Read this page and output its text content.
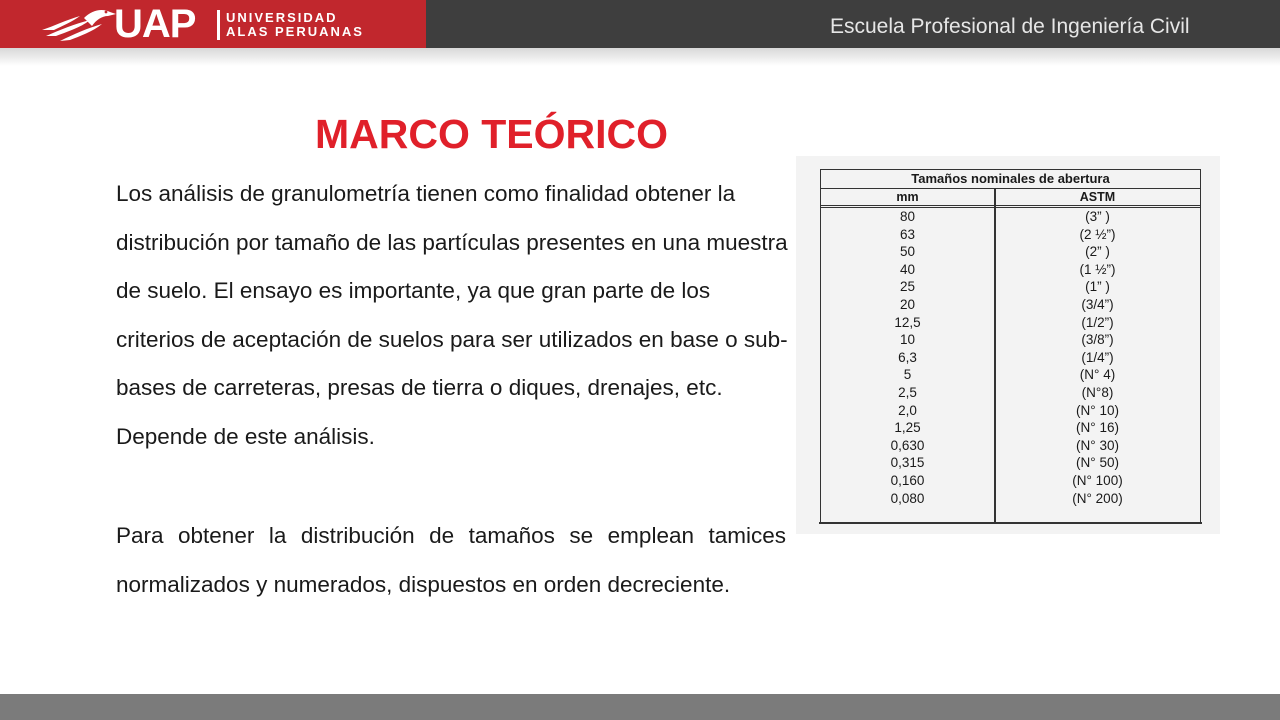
UAP UNIVERSIDAD
ALAS PERUANAS	Escuela Profesional de Ingeniería Civil
MARCO TEÓRICO

Los análisis de granulometría tienen como finalidad obtener la distribución por tamaño de las partículas presentes en una muestra de suelo. El ensayo es importante, ya que gran parte de los criterios de aceptación de suelos para ser utilizados en base o sub-bases de carreteras, presas de tierra o diques, drenajes, etc. Depende de este análisis.

Para obtener la distribución de tamaños se emplean tamices normalizados y numerados, dispuestos en orden decreciente.

Tamaños nominales de abertura
mm	ASTM
80	(3” )
63	(2 ½”)
50	(2” )
40	(1 ½”)
25	(1” )
20	(3/4”)
12,5	(1/2”)
10	(3/8”)
6,3	(1/4”)
5	(N° 4)
2,5	(N°8)
2,0	(N° 10)
1,25	(N° 16)
0,630	(N° 30)
0,315	(N° 50)
0,160	(N° 100)
0,080	(N° 200)
